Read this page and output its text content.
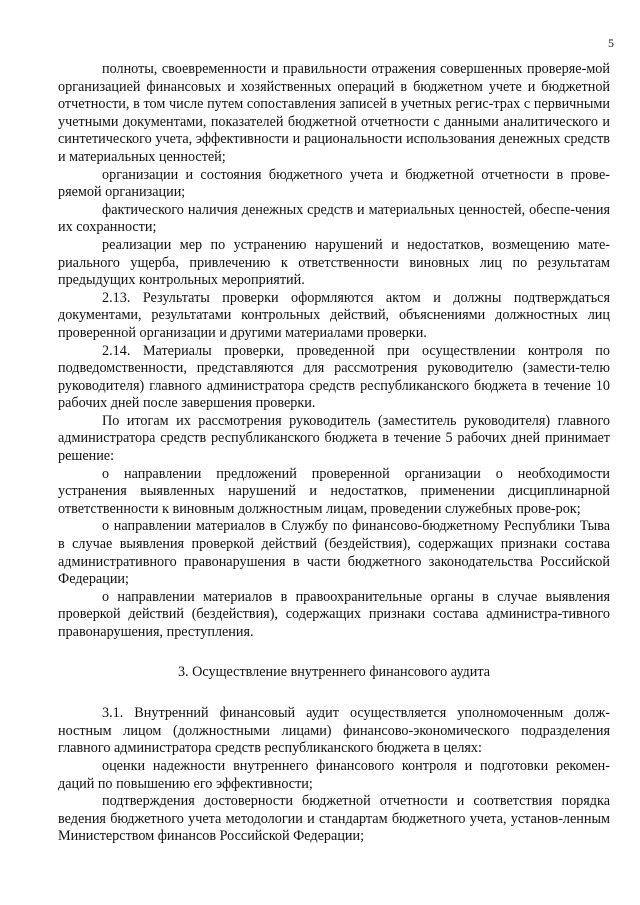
5

полноты, своевременности и правильности отражения совершенных проверяе-мой организацией финансовых и хозяйственных операций в бюджетном учете и бюджетной отчетности, в том числе путем сопоставления записей в учетных регис-трах с первичными учетными документами, показателей бюджетной отчетности с данными аналитического и синтетического учета, эффективности и рациональности использования денежных средств и материальных ценностей;

организации и состояния бюджетного учета и бюджетной отчетности в прове-ряемой организации;

фактического наличия денежных средств и материальных ценностей, обеспе-чения их сохранности;

реализации мер по устранению нарушений и недостатков, возмещению мате-риального ущерба, привлечению к ответственности виновных лиц по результатам предыдущих контрольных мероприятий.

2.13. Результаты проверки оформляются актом и должны подтверждаться документами, результатами контрольных действий, объяснениями должностных лиц проверенной организации и другими материалами проверки.

2.14. Материалы проверки, проведенной при осуществлении контроля по подведомственности, представляются для рассмотрения руководителю (замести-телю руководителя) главного администратора средств республиканского бюджета в течение 10 рабочих дней после завершения проверки.

По итогам их рассмотрения руководитель (заместитель руководителя) главного администратора средств республиканского бюджета в течение 5 рабочих дней принимает решение:

о направлении предложений проверенной организации о необходимости устранения выявленных нарушений и недостатков, применении дисциплинарной ответственности к виновным должностным лицам, проведении служебных прове-рок;

о направлении материалов в Службу по финансово-бюджетному Республики Тыва в случае выявления проверкой действий (бездействия), содержащих признаки состава административного правонарушения в части бюджетного законодательства Российской Федерации;

о направлении материалов в правоохранительные органы в случае выявления проверкой действий (бездействия), содержащих признаки состава администра-тивного правонарушения, преступления.

3. Осуществление внутреннего финансового аудита

3.1. Внутренний финансовый аудит осуществляется уполномоченным долж-ностным лицом (должностными лицами) финансово-экономического подразделения главного администратора средств республиканского бюджета в целях:

оценки надежности внутреннего финансового контроля и подготовки рекомен-даций по повышению его эффективности;

подтверждения достоверности бюджетной отчетности и соответствия порядка ведения бюджетного учета методологии и стандартам бюджетного учета, установ-ленным Министерством финансов Российской Федерации;
